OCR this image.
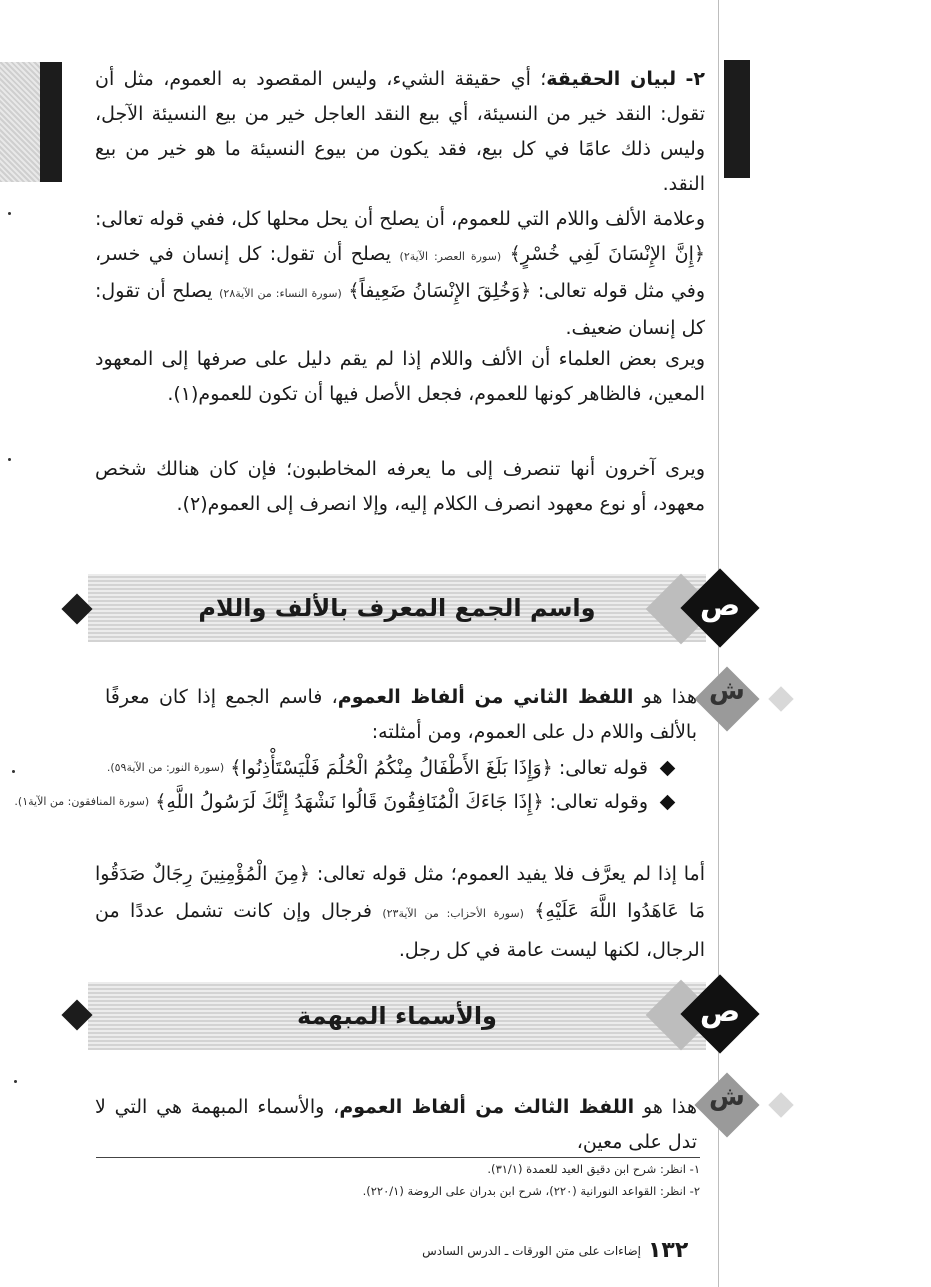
٢- لبيان الحقيقة؛ أي حقيقة الشيء، وليس المقصود به العموم، مثل أن تقول: النقد خير من النسيئة، أي بيع النقد العاجل خير من بيع النسيئة الآجل، وليس ذلك عامًا في كل بيع، فقد يكون من بيوع النسيئة ما هو خير من بيع النقد.

وعلامة الألف واللام التي للعموم، أن يصلح أن يحل محلها كل، ففي قوله تعالى: ﴿إِنَّ الإِنْسَانَ لَفِي خُسْرٍ﴾ (سورة العصر: الآية٢) يصلح أن تقول: كل إنسان في خسر، وفي مثل قوله تعالى: ﴿وَخُلِقَ الإِنْسَانُ ضَعِيفاً﴾ (سورة النساء: من الآية٢٨) يصلح أن تقول: كل إنسان ضعيف.

ويرى بعض العلماء أن الألف واللام إذا لم يقم دليل على صرفها إلى المعهود المعين، فالظاهر كونها للعموم، فجعل الأصل فيها أن تكون للعموم(١).

ويرى آخرون أنها تنصرف إلى ما يعرفه المخاطبون؛ فإن كان هنالك شخص معهود، أو نوع معهود انصرف الكلام إليه، وإلا انصرف إلى العموم(٢).

واسم الجمع المعرف بالألف واللام	ص
ش

هذا هو اللفظ الثاني من ألفاظ العموم، فاسم الجمع إذا كان معرفًا بالألف واللام دل على العموم، ومن أمثلته:

قوله تعالى: ﴿وَإِذَا بَلَغَ الأَطْفَالُ مِنْكُمُ الْحُلُمَ فَلْيَسْتَأْذِنُوا﴾

(سورة النور: من الآية٥٩).
وقوله تعالى: ﴿إِذَا جَاءَكَ الْمُنَافِقُونَ قَالُوا نَشْهَدُ إِنَّكَ لَرَسُولُ اللَّهِ﴾

(سورة المنافقون: من الآية١).

أما إذا لم يعرَّف فلا يفيد العموم؛ مثل قوله تعالى: ﴿مِنَ الْمُؤْمِنِينَ رِجَالٌ صَدَقُوا مَا عَاهَدُوا اللَّهَ عَلَيْهِ﴾ (سورة الأحزاب: من الآية٢٣) فرجال وإن كانت تشمل عددًا من الرجال، لكنها ليست عامة في كل رجل.

والأسماء المبهمة	ص
ش

هذا هو اللفظ الثالث من ألفاظ العموم، والأسماء المبهمة هي التي لا تدل على معين،

١- انظر: شرح ابن دقيق العيد للعمدة (٣١/١).
٢- انظر: القواعد النورانية (٢٢٠)، شرح ابن بدران على الروضة (٢٢٠/١).
١٣٢
إضاءات على متن الورقات ـ الدرس السادس
